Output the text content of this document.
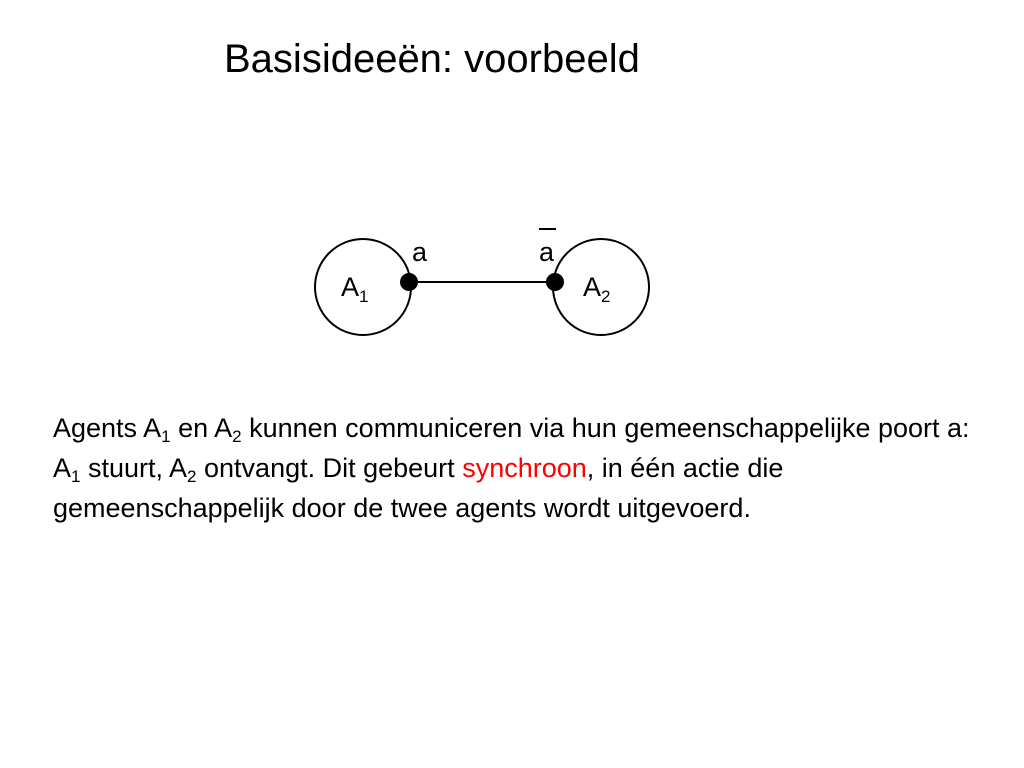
Basisideeën: voorbeeld
$A_1$	$A_2$
a	a
Agents $A_1$ en $A_2$ kunnen communiceren via hun gemeenschappelijke poort a: $A_1$ stuurt, $A_2$ ontvangt. Dit gebeurt synchroon, in één actie die gemeenschappelijk door de twee agents wordt uitgevoerd.
